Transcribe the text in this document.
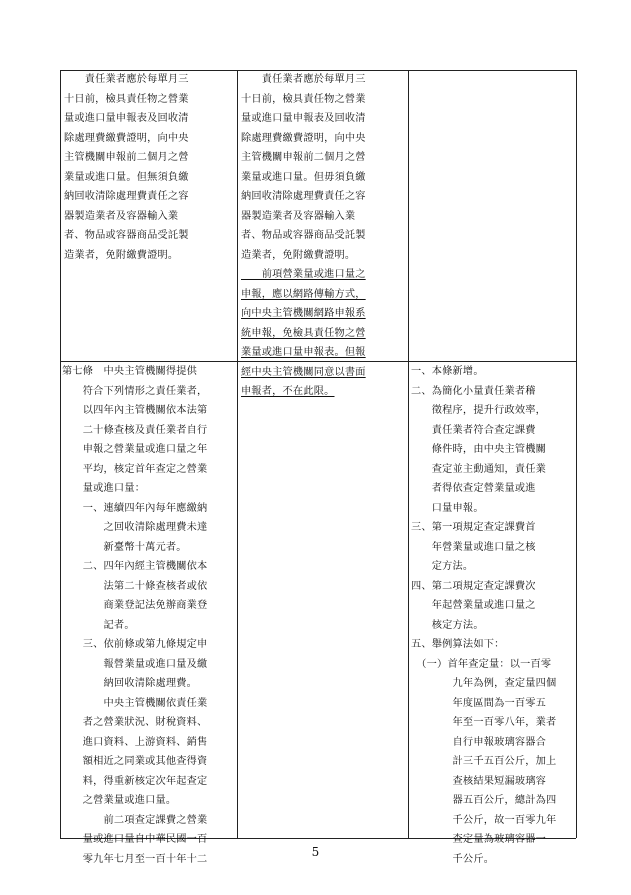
　　責任業者應於每單月三
十日前，檢具責任物之營業
量或進口量申報表及回收清
除處理費繳費證明，向中央
主管機關申報前二個月之營
業量或進口量。但無須負繳
納回收清除處理費責任之容
器製造業者及容器輸入業
者、物品或容器商品受託製
造業者，免附繳費證明。
　　責任業者應於每單月三
十日前，檢具責任物之營業
量或進口量申報表及回收清
除處理費繳費證明，向中央
主管機關申報前二個月之營
業量或進口量。但毋須負繳
納回收清除處理費責任之容
器製造業者及容器輸入業
者、物品或容器商品受託製
造業者，免附繳費證明。
　　前項營業量或進口量之
申報，應以網路傳輸方式，
向中央主管機關網路申報系
統申報，免檢具責任物之營
業量或進口量申報表。但報
經中央主管機關同意以書面
申報者，不在此限。
第七條　中央主管機關得提供
　　符合下列情形之責任業者，
　　以四年內主管機關依本法第
　　二十條查核及責任業者自行
　　申報之營業量或進口量之年
　　平均，核定首年查定之營業
　　量或進口量：
　　一、連續四年內每年應繳納
　　　　之回收清除處理費未達
　　　　新臺幣十萬元者。
　　二、四年內經主管機關依本
　　　　法第二十條查核者或依
　　　　商業登記法免辦商業登
　　　　記者。
　　三、依前條或第九條規定申
　　　　報營業量或進口量及繳
　　　　納回收清除處理費。
　　　　中央主管機關依責任業
　　者之營業狀況、財稅資料、
　　進口資料、上游資料、銷售
　　額相近之同業或其他查得資
　　料，得重新核定次年起查定
　　之營業量或進口量。
　　　　前二項查定課費之營業
　　量或進口量自中華民國一百
　　零九年七月至一百十年十二
一、本條新增。
二、為簡化小量責任業者稽
　　徵程序，提升行政效率，
　　責任業者符合查定課費
　　條件時，由中央主管機關
　　查定並主動通知，責任業
　　者得依查定營業量或進
　　口量申報。
三、第一項規定查定課費首
　　年營業量或進口量之核
　　定方法。
四、第二項規定查定課費次
　　年起營業量或進口量之
　　核定方法。
五、舉例算法如下：
　（一）首年查定量：以一百零
　　　　九年為例，查定量四個
　　　　年度區間為一百零五
　　　　年至一百零八年，業者
　　　　自行申報玻璃容器合
　　　　計三千五百公斤，加上
　　　　查核結果短漏玻璃容
　　　　器五百公斤，總計為四
　　　　千公斤，故一百零九年
　　　　查定量為玻璃容器一
　　　　千公斤。
5
